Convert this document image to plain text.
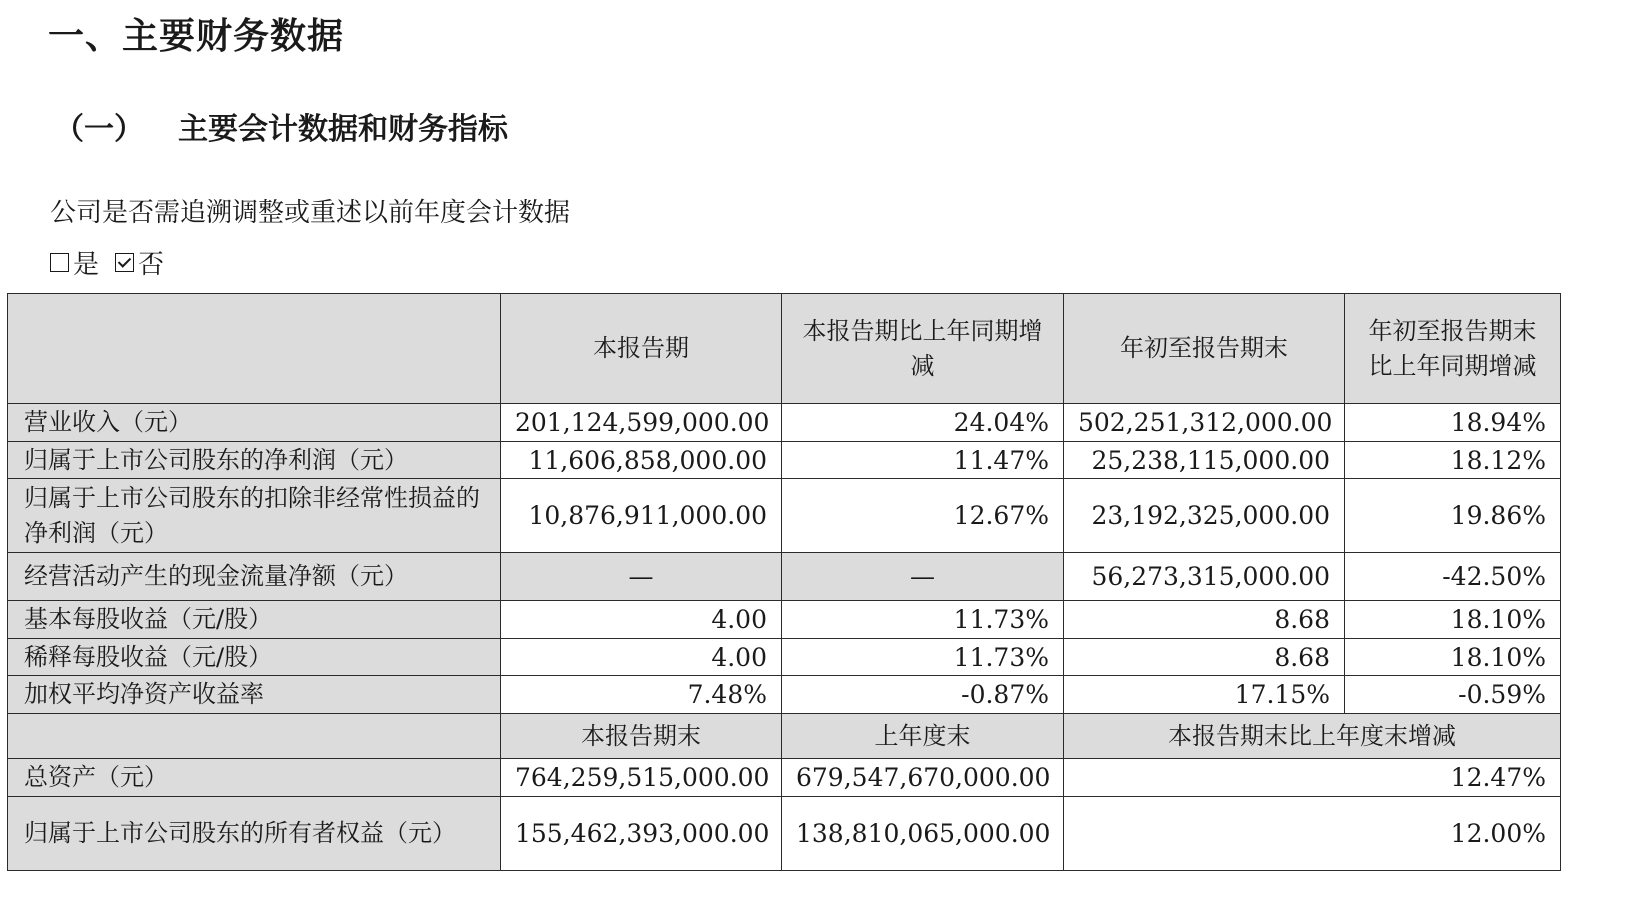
一、主要财务数据
（一） 主要会计数据和财务指标
公司是否需追溯调整或重述以前年度会计数据
是 否
	本报告期	本报告期比上年同期增减	年初至报告期末	年初至报告期末比上年同期增减
营业收入（元）	201,124,599,000.00	24.04%	502,251,312,000.00	18.94%
归属于上市公司股东的净利润（元）	11,606,858,000.00	11.47%	25,238,115,000.00	18.12%
归属于上市公司股东的扣除非经常性损益的净利润（元）	10,876,911,000.00	12.67%	23,192,325,000.00	19.86%
经营活动产生的现金流量净额（元）	—	—	56,273,315,000.00	-42.50%
基本每股收益（元/股）	4.00	11.73%	8.68	18.10%
稀释每股收益（元/股）	4.00	11.73%	8.68	18.10%
加权平均净资产收益率	7.48%	-0.87%	17.15%	-0.59%
	本报告期末	上年度末	本报告期末比上年度末增减	
总资产（元）	764,259,515,000.00	679,547,670,000.00	12.47%	
归属于上市公司股东的所有者权益（元）	155,462,393,000.00	138,810,065,000.00	12.00%	
